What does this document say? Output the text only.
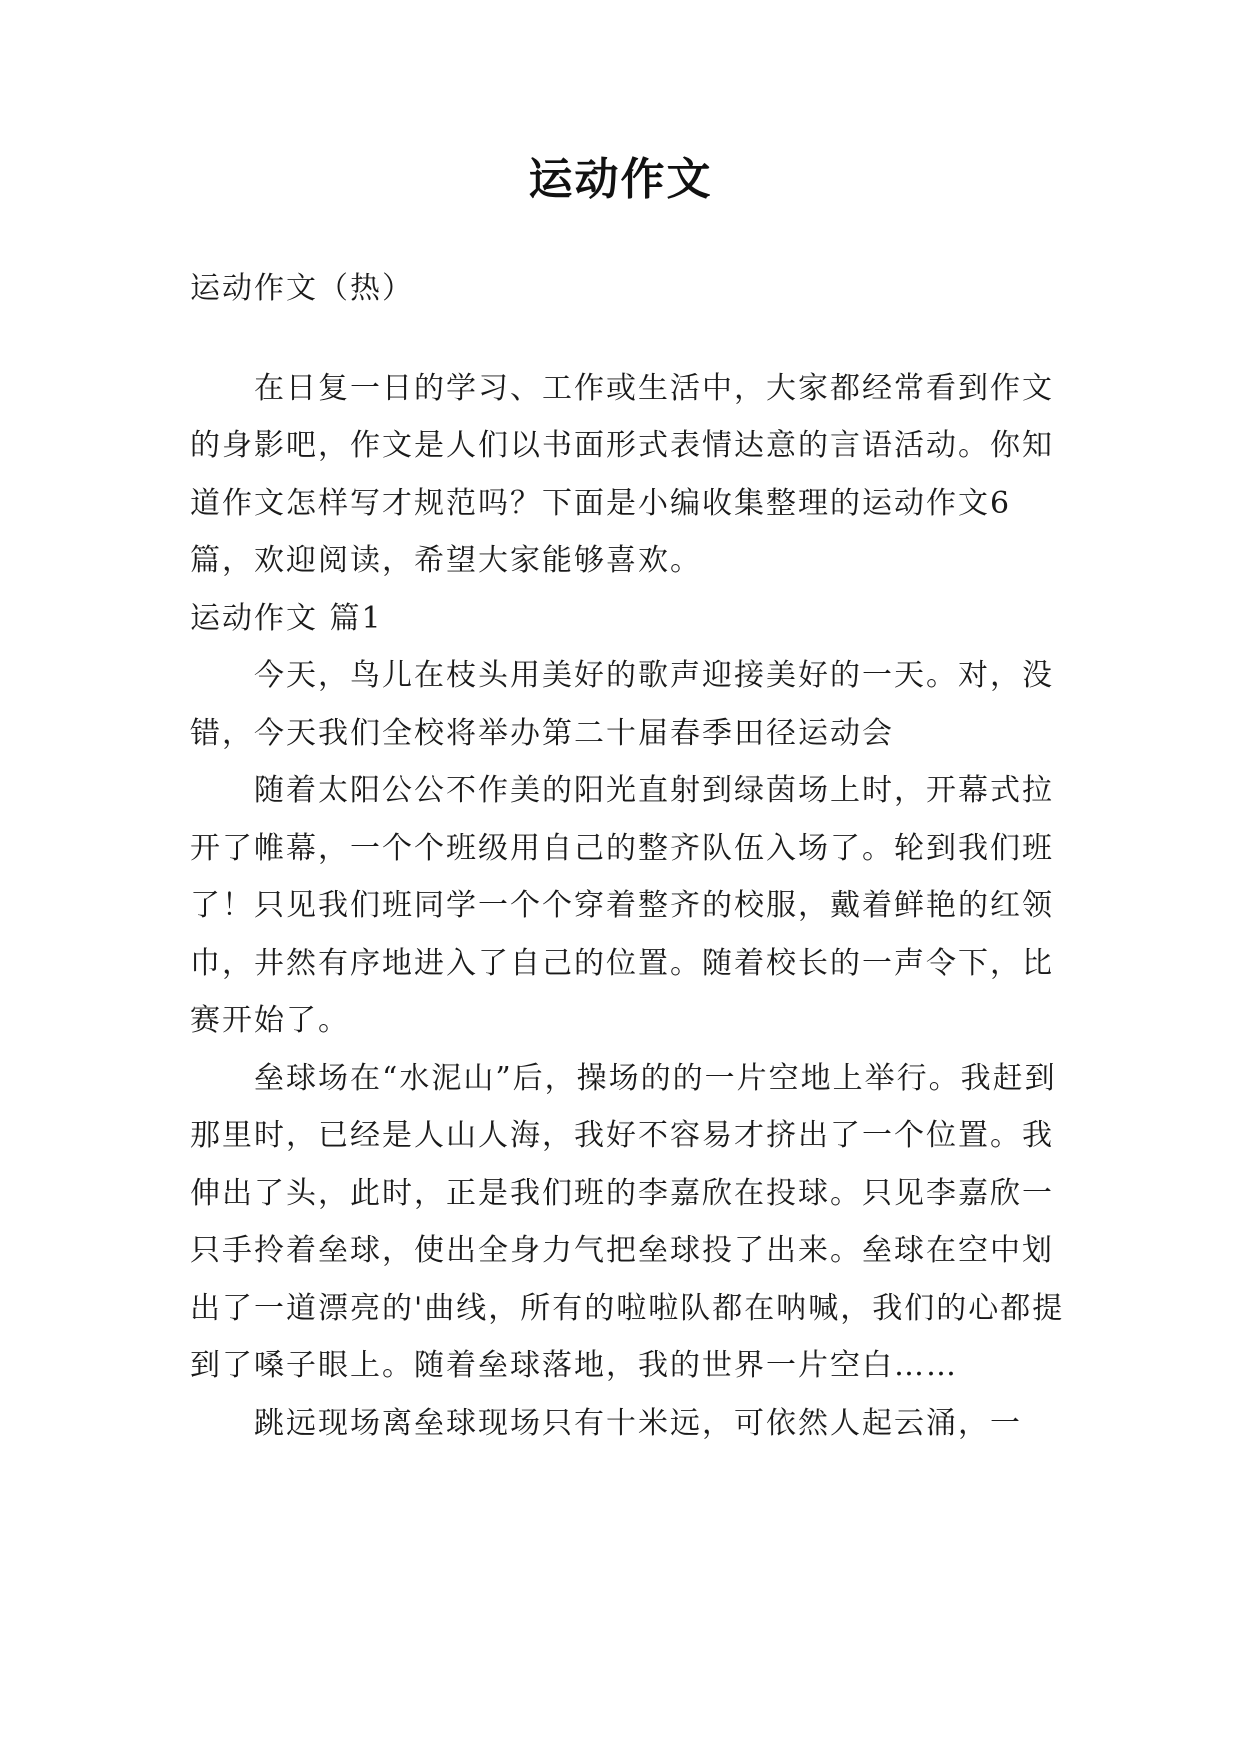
运动作文

运动作文（热）

在日复一日的学习、工作或生活中，大家都经常看到作文的身影吧，作文是人们以书面形式表情达意的言语活动。你知道作文怎样写才规范吗？下面是小编收集整理的运动作文6篇，欢迎阅读，希望大家能够喜欢。

运动作文 篇1

今天，鸟儿在枝头用美好的歌声迎接美好的一天。对，没错，今天我们全校将举办第二十届春季田径运动会

随着太阳公公不作美的阳光直射到绿茵场上时，开幕式拉开了帷幕，一个个班级用自己的整齐队伍入场了。轮到我们班了！只见我们班同学一个个穿着整齐的校服，戴着鲜艳的红领巾，井然有序地进入了自己的位置。随着校长的一声令下，比赛开始了。

垒球场在“水泥山”后，操场的的一片空地上举行。我赶到那里时，已经是人山人海，我好不容易才挤出了一个位置。我伸出了头，此时，正是我们班的李嘉欣在投球。只见李嘉欣一只手拎着垒球，使出全身力气把垒球投了出来。垒球在空中划出了一道漂亮的'曲线，所有的啦啦队都在呐喊，我们的心都提到了嗓子眼上。随着垒球落地，我的世界一片空白……

跳远现场离垒球现场只有十米远，可依然人起云涌，一
